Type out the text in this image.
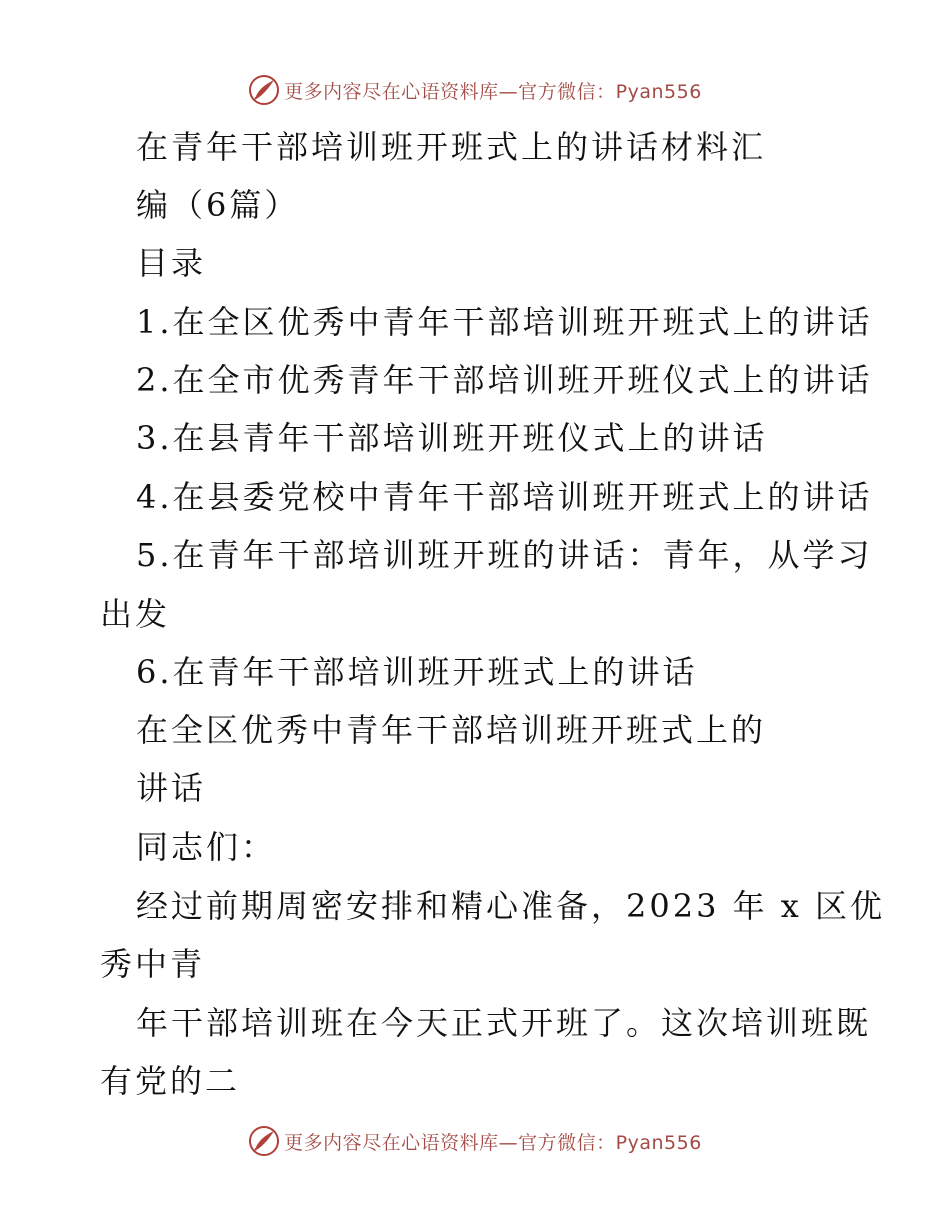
更多内容尽在心语资料库—官方微信：Pyan556
在青年干部培训班开班式上的讲话材料汇
编（6篇）
目录
1.在全区优秀中青年干部培训班开班式上的讲话
2.在全市优秀青年干部培训班开班仪式上的讲话
3.在县青年干部培训班开班仪式上的讲话
4.在县委党校中青年干部培训班开班式上的讲话
5.在青年干部培训班开班的讲话：青年，从学习
出发
6.在青年干部培训班开班式上的讲话
在全区优秀中青年干部培训班开班式上的
讲话
同志们：
经过前期周密安排和精心准备，2023 年 x 区优
秀中青
年干部培训班在今天正式开班了。这次培训班既
有党的二
更多内容尽在心语资料库—官方微信：Pyan556
